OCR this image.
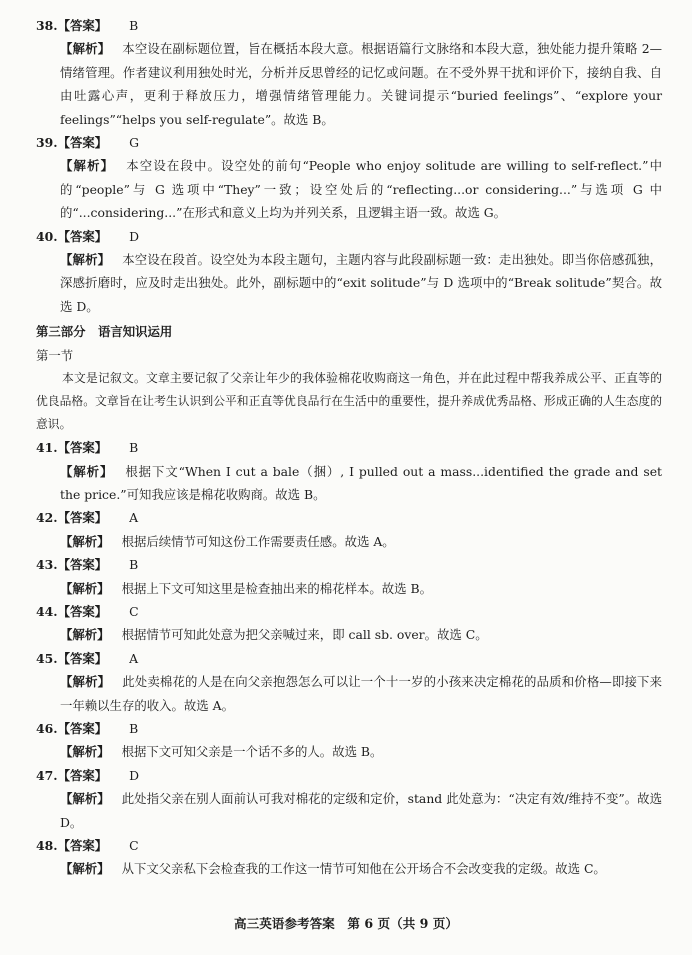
38.【答案】 B
【解析】 本空设在副标题位置，旨在概括本段大意。根据语篇行文脉络和本段大意，独处能力提升策略 2—情绪管理。作者建议利用独处时光，分析并反思曾经的记忆或问题。在不受外界干扰和评价下，接纳自我、自由吐露心声，更利于释放压力，增强情绪管理能力。关键词提示“buried feelings”、“explore your feelings”“helps you self-regulate”。故选 B。
39.【答案】 G
【解析】 本空设在段中。设空处的前句“People who enjoy solitude are willing to self-reflect.”中的“people”与 G 选项中“They”一致；设空处后的“reflecting...or considering...”与选项 G 中的“...considering...”在形式和意义上均为并列关系，且逻辑主语一致。故选 G。
40.【答案】 D
【解析】 本空设在段首。设空处为本段主题句，主题内容与此段副标题一致：走出独处。即当你倍感孤独，深感折磨时，应及时走出独处。此外，副标题中的“exit solitude”与 D 选项中的“Break solitude”契合。故选 D。
第三部分　语言知识运用
第一节
本文是记叙文。文章主要记叙了父亲让年少的我体验棉花收购商这一角色，并在此过程中帮我养成公平、正直等的优良品格。文章旨在让考生认识到公平和正直等优良品行在生活中的重要性，提升养成优秀品格、形成正确的人生态度的意识。
41.【答案】 B
【解析】 根据下文“When I cut a bale（捆）, I pulled out a mass...identified the grade and set the price.”可知我应该是棉花收购商。故选 B。
42.【答案】 A
【解析】 根据后续情节可知这份工作需要责任感。故选 A。
43.【答案】 B
【解析】 根据上下文可知这里是检查抽出来的棉花样本。故选 B。
44.【答案】 C
【解析】 根据情节可知此处意为把父亲喊过来，即 call sb. over。故选 C。
45.【答案】 A
【解析】 此处卖棉花的人是在向父亲抱怨怎么可以让一个十一岁的小孩来决定棉花的品质和价格—即接下来一年赖以生存的收入。故选 A。
46.【答案】 B
【解析】 根据下文可知父亲是一个话不多的人。故选 B。
47.【答案】 D
【解析】 此处指父亲在别人面前认可我对棉花的定级和定价，stand 此处意为：“决定有效/维持不变”。故选 D。
48.【答案】 C
【解析】 从下文父亲私下会检查我的工作这一情节可知他在公开场合不会改变我的定级。故选 C。
高三英语参考答案　第 6 页（共 9 页）
